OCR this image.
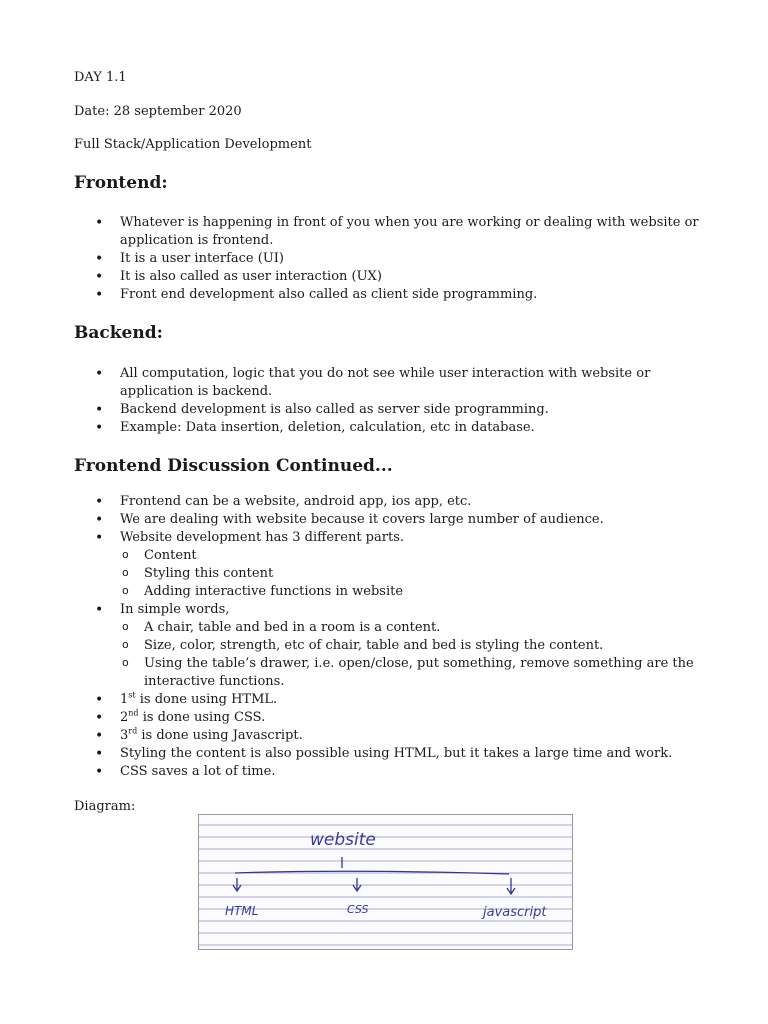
DAY 1.1
Date: 28 september 2020
Full Stack/Application Development
Frontend:
• Whatever is happening in front of you when you are working or dealing with website or application is frontend.
• It is a user interface (UI)
• It is also called as user interaction (UX)
• Front end development also called as client side programming.
Backend:
• All computation, logic that you do not see while user interaction with website or application is backend.
• Backend development is also called as server side programming.
• Example: Data insertion, deletion, calculation, etc in database.
Frontend Discussion Continued...
• Frontend can be a website, android app, ios app, etc.
• We are dealing with website because it covers large number of audience.
• Website development has 3 different parts.
o Content
o Styling this content
o Adding interactive functions in website
• In simple words,
o A chair, table and bed in a room is a content.
o Size, color, strength, etc of chair, table and bed is styling the content.
o Using the table’s drawer, i.e. open/close, put something, remove something are the interactive functions.
• 1st is done using HTML.
• 2nd is done using CSS.
• 3rd is done using Javascript.
• Styling the content is also possible using HTML, but it takes a large time and work.
• CSS saves a lot of time.
Diagram:
website
HTML	CSS	javascript
